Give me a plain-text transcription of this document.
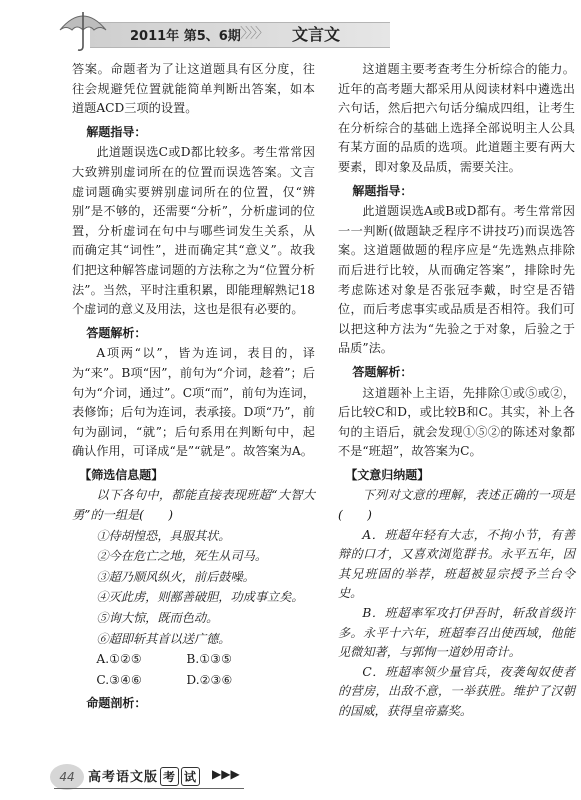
2011年 第5、6期 〉〉〉〉 文言文

答案。命题者为了让这道题具有区分度，往往会规避凭位置就能简单判断出答案，如本道题ACD三项的设置。

解题指导：

此道题误选C或D都比较多。考生常常因大致辨别虚词所在的位置而误选答案。文言虚词题确实要辨别虚词所在的位置，仅“辨别”是不够的，还需要“分析”，分析虚词的位置，分析虚词在句中与哪些词发生关系，从而确定其“词性”，进而确定其“意义”。故我们把这种解答虚词题的方法称之为“位置分析法”。当然，平时注重积累，即能理解熟记18个虚词的意义及用法，这也是很有必要的。

答题解析：

A项两“以”，皆为连词，表目的，译为“来”。B项“因”，前句为“介词，趁着”；后句为“介词，通过”。C项“而”，前句为连词，表修饰；后句为连词，表承接。D项“乃”，前句为副词，“就”；后句系用在判断句中，起确认作用，可译成“是”“就是”。故答案为A。

【筛选信息题】

以下各句中，都能直接表现班超“大智大勇”的一组是(　　)

①侍胡惶恐，具服其状。

②今在危亡之地，死生从司马。

③超乃顺风纵火，前后鼓噪。

④灭此虏，则鄯善破胆，功成事立矣。

⑤询大惊，既而色动。

⑥超即斩其首以送广德。

A.①②⑤	B.①③⑤
C.③④⑥	D.②③⑥

命题剖析：

这道题主要考查考生分析综合的能力。近年的高考题大都采用从阅读材料中遴选出六句话，然后把六句话分编成四组，让考生在分析综合的基础上选择全部说明主人公具有某方面的品质的选项。此道题主要有两大要素，即对象及品质，需要关注。

解题指导：

此道题误选A或B或D都有。考生常常因一一判断(做题缺乏程序不讲技巧)而误选答案。这道题做题的程序应是“先选熟点排除而后进行比较，从而确定答案”，排除时先考虑陈述对象是否张冠李戴，时空是否错位，而后考虑事实或品质是否相符。我们可以把这种方法为“先验之于对象，后验之于品质”法。

答题解析：

这道题补上主语，先排除①或⑤或②，后比较C和D，或比较B和C。其实，补上各句的主语后，就会发现①⑤②的陈述对象都不是“班超”，故答案为C。

【文意归纳题】

下列对文意的理解，表述正确的一项是(　　)

A．班超年轻有大志，不拘小节，有善辩的口才，又喜欢浏览群书。永平五年，因其兄班固的举荐，班超被显宗授予兰台令史。

B．班超率军攻打伊吾时，斩敌首级许多。永平十六年，班超奉召出使西域，他能见微知著，与郭恂一道妙用奇计。

C．班超率领少量官兵，夜袭匈奴使者的营房，出敌不意，一举获胜。维护了汉朝的国威，获得皇帝嘉奖。

44	高考语文版 考 试 ▶▶▶
